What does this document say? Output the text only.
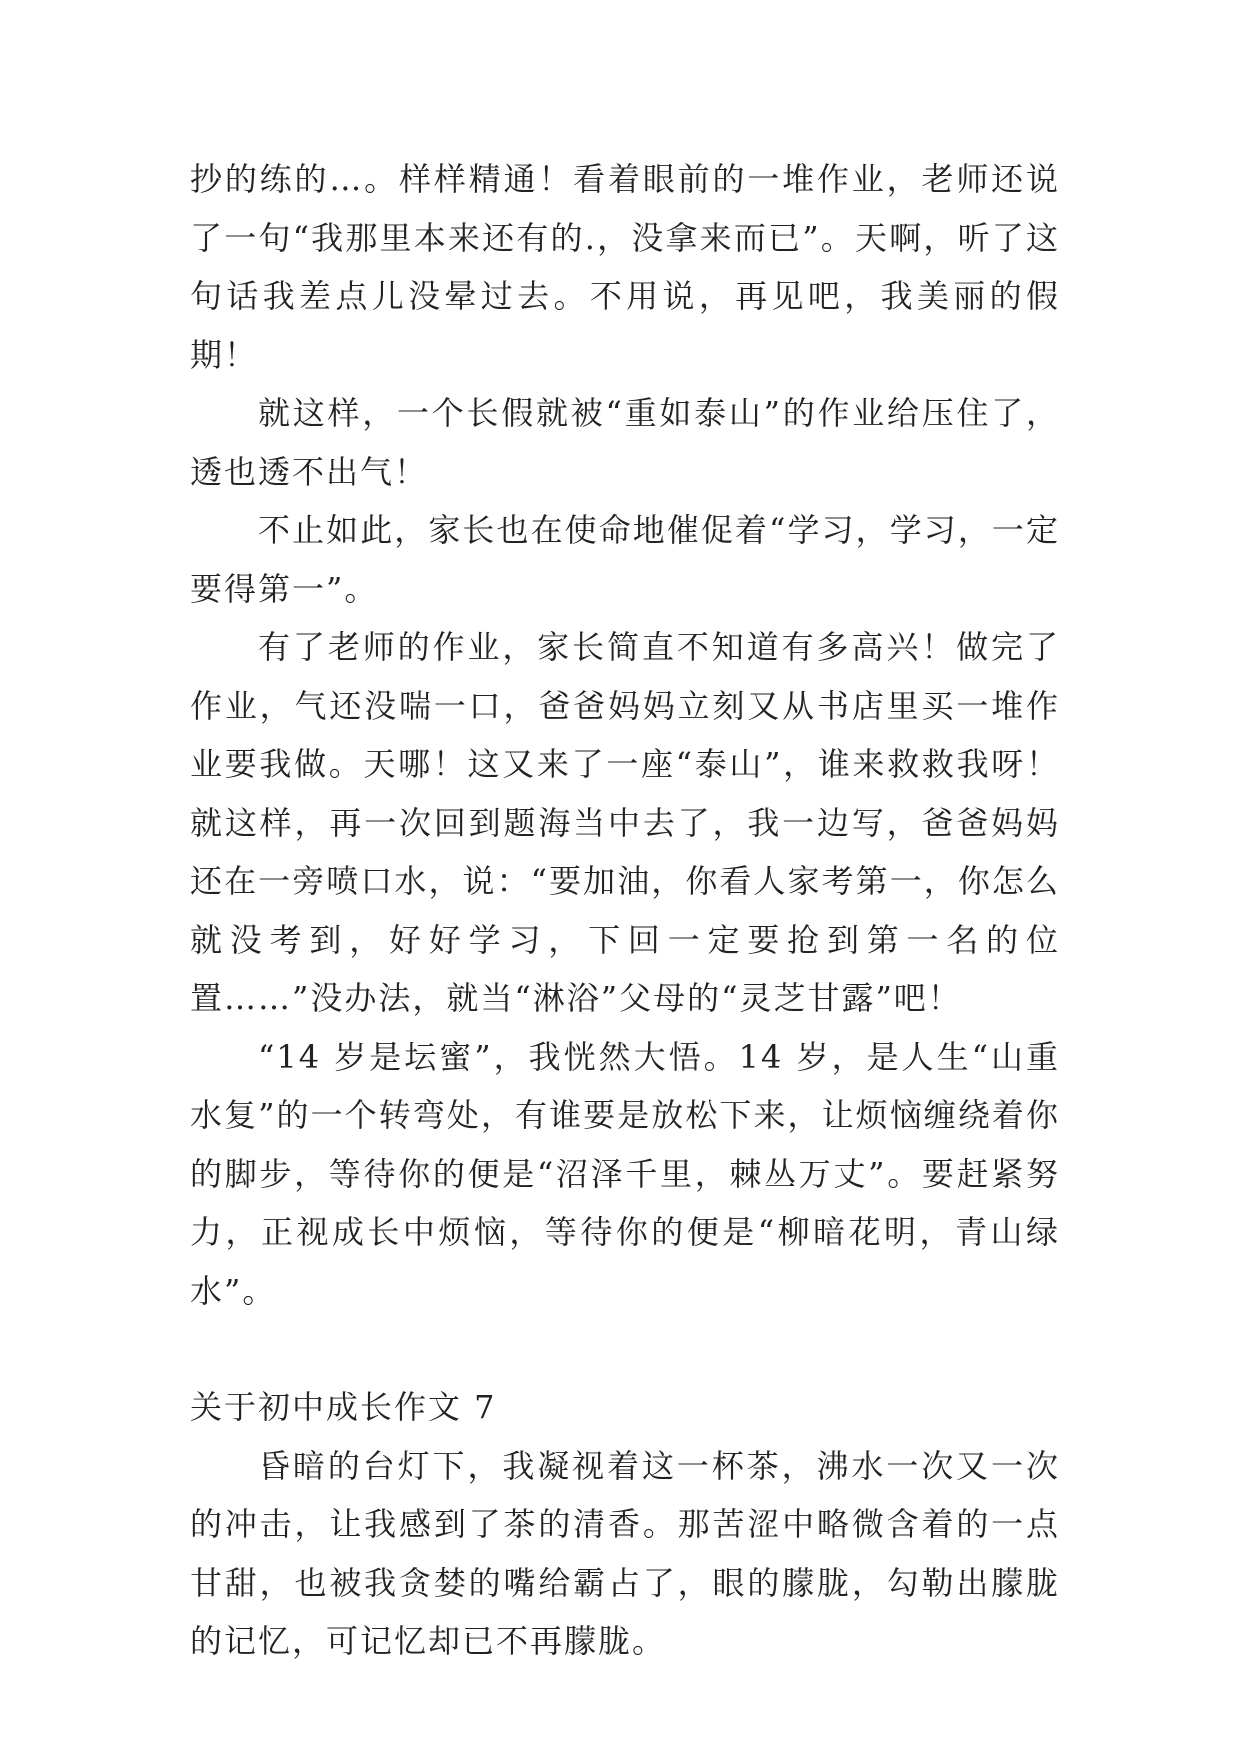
抄的练的…。样样精通！看着眼前的一堆作业，老师还说了一句“我那里本来还有的.，没拿来而已”。天啊，听了这句话我差点儿没晕过去。不用说，再见吧，我美丽的假期！

就这样，一个长假就被“重如泰山”的作业给压住了，透也透不出气！

不止如此，家长也在使命地催促着“学习，学习，一定要得第一”。

有了老师的作业，家长简直不知道有多高兴！做完了作业，气还没喘一口，爸爸妈妈立刻又从书店里买一堆作业要我做。天哪！这又来了一座“泰山”，谁来救救我呀！就这样，再一次回到题海当中去了，我一边写，爸爸妈妈还在一旁喷口水，说：“要加油，你看人家考第一，你怎么就没考到，好好学习，下回一定要抢到第一名的位置……”没办法，就当“淋浴”父母的“灵芝甘露”吧！

“14 岁是坛蜜”，我恍然大悟。14 岁，是人生“山重水复”的一个转弯处，有谁要是放松下来，让烦恼缠绕着你的脚步，等待你的便是“沼泽千里，棘丛万丈”。要赶紧努力，正视成长中烦恼，等待你的便是“柳暗花明，青山绿水”。

关于初中成长作文 7

昏暗的台灯下，我凝视着这一杯茶，沸水一次又一次的冲击，让我感到了茶的清香。那苦涩中略微含着的一点甘甜，也被我贪婪的嘴给霸占了，眼的朦胧，勾勒出朦胧的记忆，可记忆却已不再朦胧。
